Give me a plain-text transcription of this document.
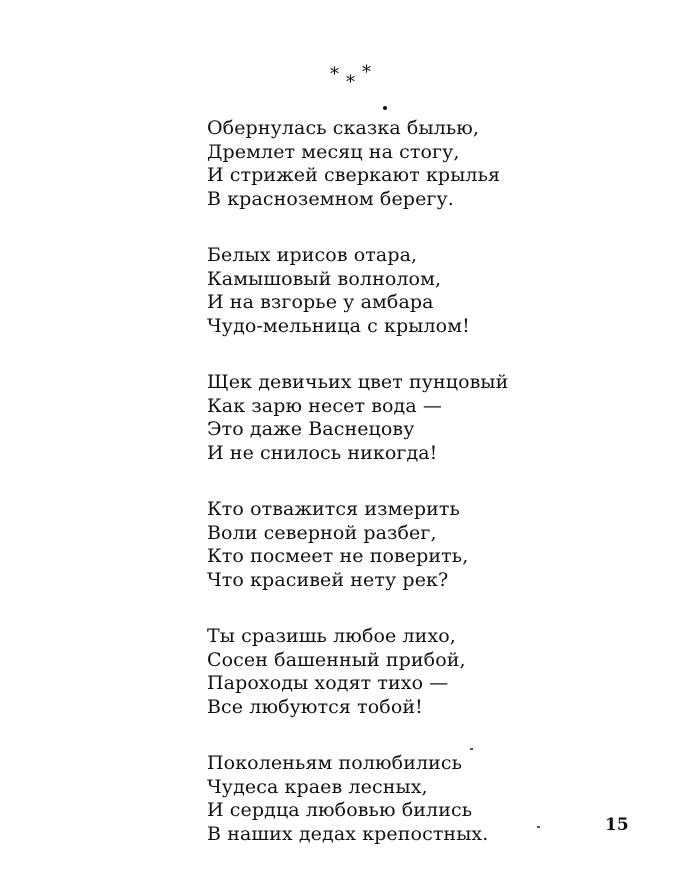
* * *
Обернулась сказка былью,
Дремлет месяц на стогу,
И стрижей сверкают крылья
В краснοземном берегу.
Белых ирисов отара,
Камышовый волнолом,
И на взгорье у амбара
Чудо-мельница с крылом!
Щек девичьих цвет пунцовый
Как зарю несет вода —
Это даже Васнецову
И не снилось никогда!
Кто отважится измерить
Воли северной разбег,
Кто посмеет не поверить,
Что красивей нету рек?
Ты сразишь любое лихо,
Сосен башенный прибой,
Пароходы ходят тихо —
Все любуются тобой!
Поколеньям полюбились
Чудеса краев лесных,
И сердца любовью бились
В наших дедах крепостных.	15
